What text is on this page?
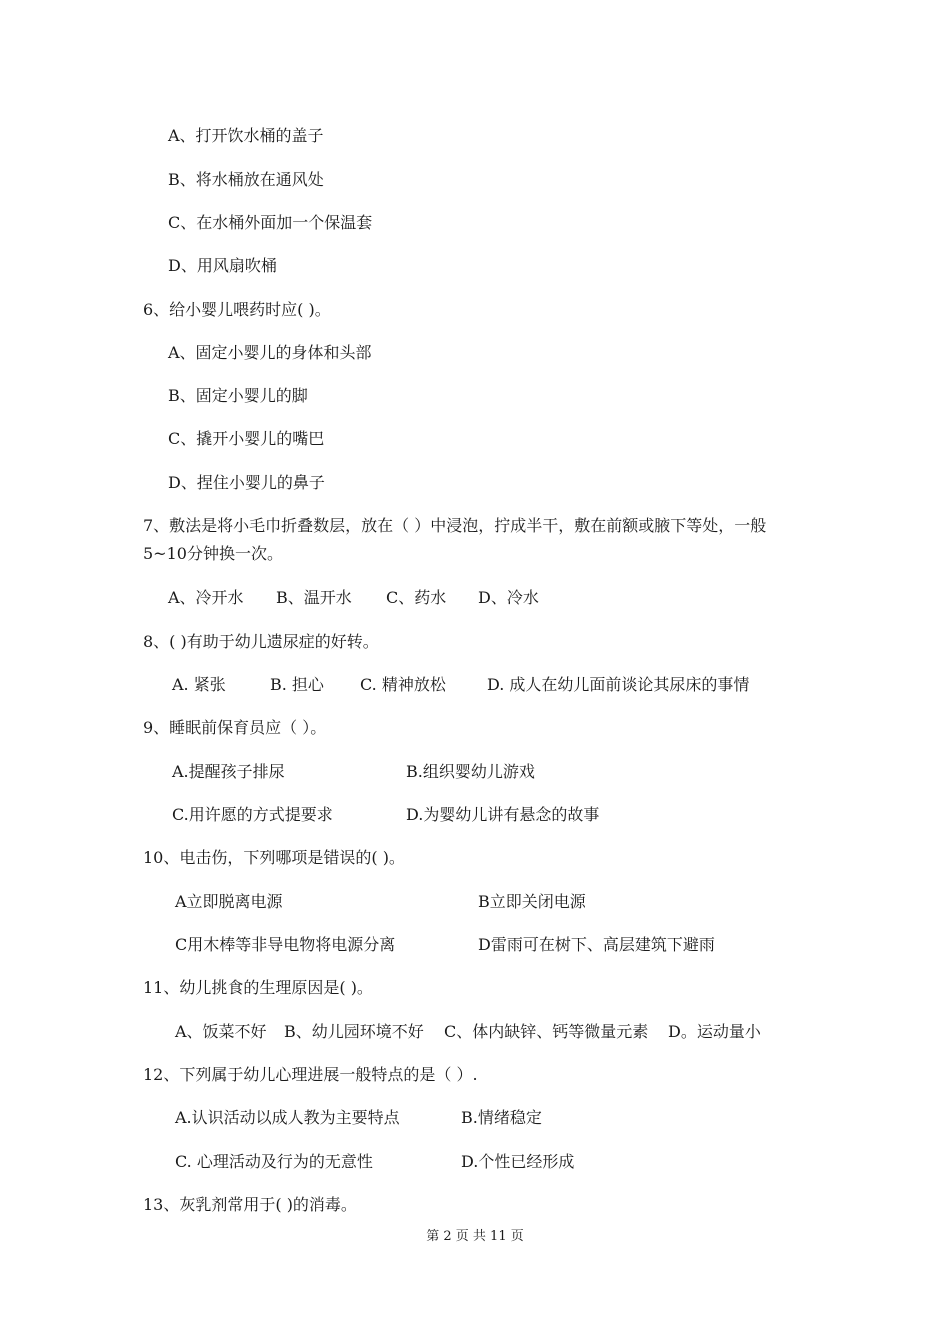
A、打开饮水桶的盖子
B、将水桶放在通风处
C、在水桶外面加一个保温套
D、用风扇吹桶
6、给小婴儿喂药时应( )。
A、固定小婴儿的身体和头部
B、固定小婴儿的脚
C、撬开小婴儿的嘴巴
D、捏住小婴儿的鼻子
7、敷法是将小毛巾折叠数层，放在（ ）中浸泡，拧成半干，敷在前额或腋下等处，一般
5~10分钟换一次。
A、冷开水 B、温开水 C、药水 D、冷水
8、( )有助于幼儿遗尿症的好转。
A. 紧张	B. 担心 C. 精神放松	D. 成人在幼儿面前谈论其尿床的事情
9、睡眠前保育员应（ ）。
A.提醒孩子排尿	B.组织婴幼儿游戏
C.用许愿的方式提要求	D.为婴幼儿讲有悬念的故事
10、电击伤，下列哪项是错误的( )。
A立即脱离电源	B立即关闭电源
C用木棒等非导电物将电源分离	D雷雨可在树下、高层建筑下避雨
11、幼儿挑食的生理原因是( )。
A、饭菜不好 B、幼儿园环境不好 C、体内缺锌、钙等微量元素 D。运动量小
12、下列属于幼儿心理进展一般特点的是（ ）.
A.认识活动以成人教为主要特点	B.情绪稳定
C. 心理活动及行为的无意性	D.个性已经形成
13、灰乳剂常用于( )的消毒。
第 2 页 共 11 页
